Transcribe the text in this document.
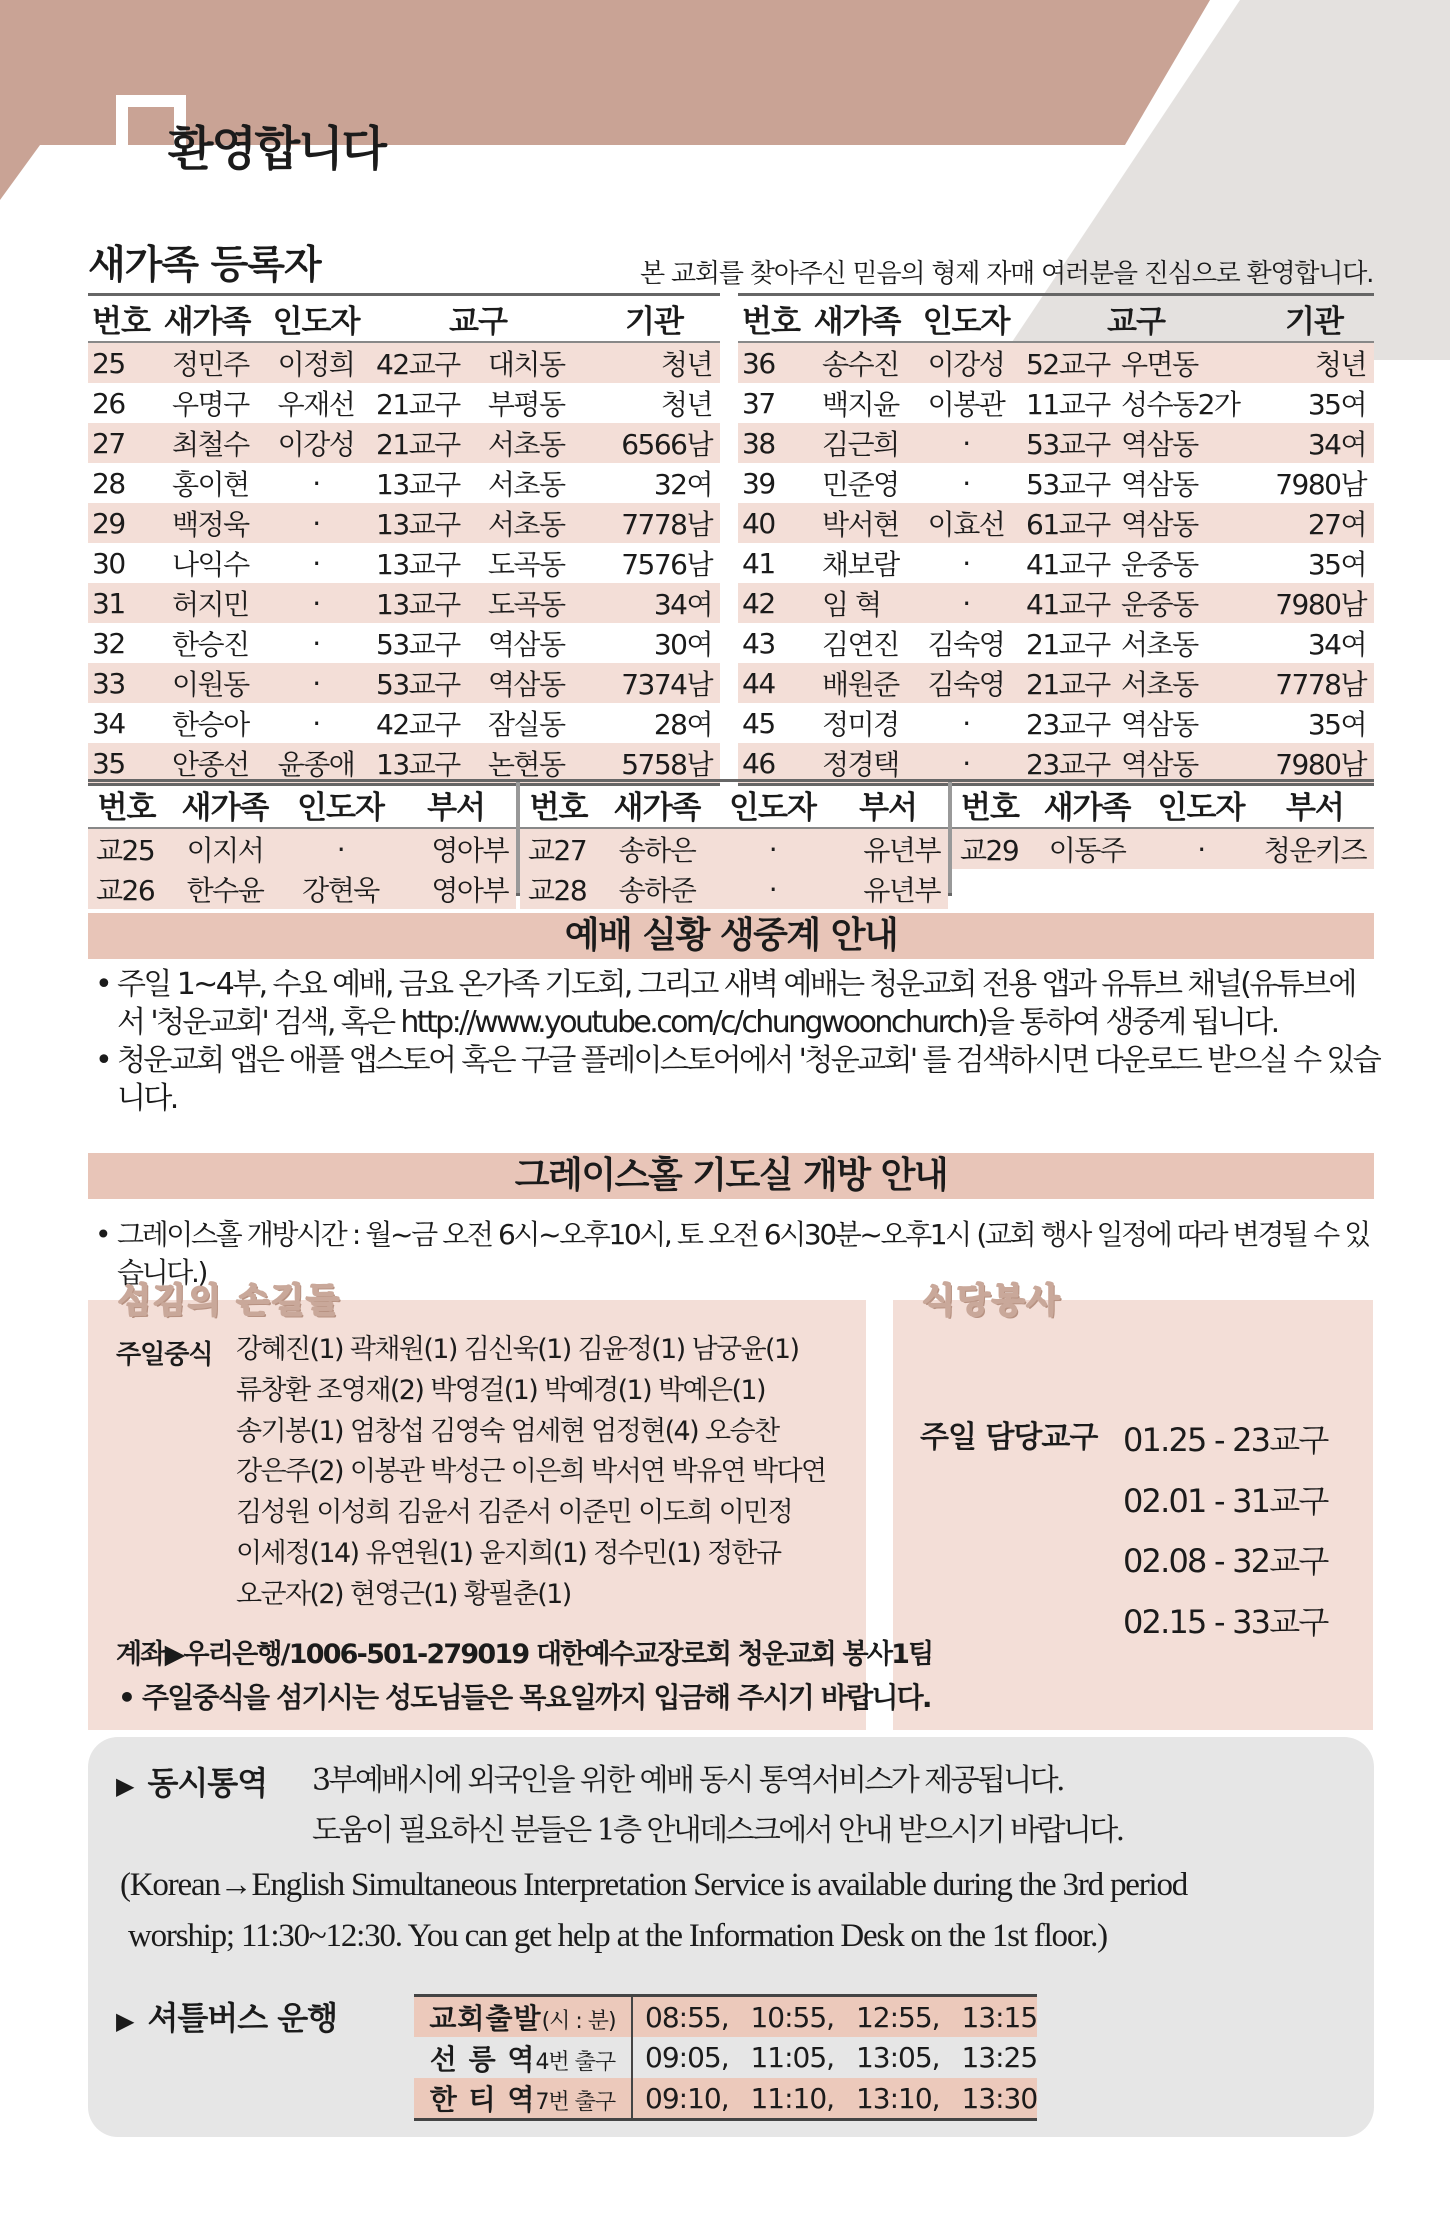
환영합니다
새가족 등록자	본 교회를 찾아주신 믿음의 형제 자매 여러분을 진심으로 환영합니다.
번호	새가족	인도자	교구		기관
25	정민주	이정희	42교구	대치동	청년
26	우명구	우재선	21교구	부평동	청년
27	최철수	이강성	21교구	서초동	6566남
28	홍이현	·	13교구	서초동	32여
29	백정욱	·	13교구	서초동	7778남
30	나익수	·	13교구	도곡동	7576남
31	허지민	·	13교구	도곡동	34여
32	한승진	·	53교구	역삼동	30여
33	이원동	·	53교구	역삼동	7374남
34	한승아	·	42교구	잠실동	28여
35	안종선	윤종애	13교구	논현동	5758남
번호	새가족	인도자	교구		기관
36	송수진	이강성	52교구	우면동	청년
37	백지윤	이봉관	11교구	성수동2가	35여
38	김근희	·	53교구	역삼동	34여
39	민준영	·	53교구	역삼동	7980남
40	박서현	이효선	61교구	역삼동	27여
41	채보람	·	41교구	운중동	35여
42	임 혁	·	41교구	운중동	7980남
43	김연진	김숙영	21교구	서초동	34여
44	배원준	김숙영	21교구	서초동	7778남
45	정미경	·	23교구	역삼동	35여
46	정경택	·	23교구	역삼동	7980남
번호	새가족	인도자	부서
교25	이지서	·	영아부
교26	한수윤	강현욱	영아부
번호	새가족	인도자	부서
교27	송하은	·	유년부
교28	송하준	·	유년부
번호	새가족	인도자	부서
교29	이동주	·	청운키즈

예배 실황 생중계 안내

• 주일 1~4부, 수요 예배, 금요 온가족 기도회, 그리고 새벽 예배는 청운교회 전용 앱과 유튜브 채널(유튜브에서 '청운교회' 검색, 혹은 http://www.youtube.com/c/chungwoonchurch)을 통하여 생중계 됩니다.

• 청운교회 앱은 애플 앱스토어 혹은 구글 플레이스토어에서 '청운교회' 를 검색하시면 다운로드 받으실 수 있습니다.

그레이스홀 기도실 개방 안내

• 그레이스홀 개방시간 : 월~금 오전 6시~오후10시, 토 오전 6시30분~오후1시 (교회 행사 일정에 따라 변경될 수 있습니다.)

섬김의 손길들	식당봉사
주일중식 강혜진(1) 곽채원(1) 김신욱(1) 김윤정(1) 남궁윤(1)
류창환 조영재(2) 박영걸(1) 박예경(1) 박예은(1)
송기봉(1) 엄창섭 김영숙 엄세현 엄정현(4) 오승찬
강은주(2) 이봉관 박성근 이은희 박서연 박유연 박다연
김성원 이성희 김윤서 김준서 이준민 이도희 이민정
이세정(14) 유연원(1) 윤지희(1) 정수민(1) 정한규
오군자(2) 현영근(1) 황필춘(1)
계좌▶우리은행/1006-501-279019 대한예수교장로회 청운교회 봉사1팀
• 주일중식을 섬기시는 성도님들은 목요일까지 입금해 주시기 바랍니다.
주일 담당교구 01.25 - 23교구
02.01 - 31교구
02.08 - 32교구
02.15 - 33교구
▶ 동시통역 3부예배시에 외국인을 위한 예배 동시 통역서비스가 제공됩니다.
도움이 필요하신 분들은 1층 안내데스크에서 안내 받으시기 바랍니다.
(Korean→English Simultaneous Interpretation Service is available during the 3rd period
worship; 11:30~12:30. You can get help at the Information Desk on the 1st floor.)
▶ 셔틀버스 운행	교회출발(시 : 분)	08:55, 10:55, 12:55, 13:15
선 릉 역4번 출구	09:05, 11:05, 13:05, 13:25
한 티 역7번 출구	09:10, 11:10, 13:10, 13:30
